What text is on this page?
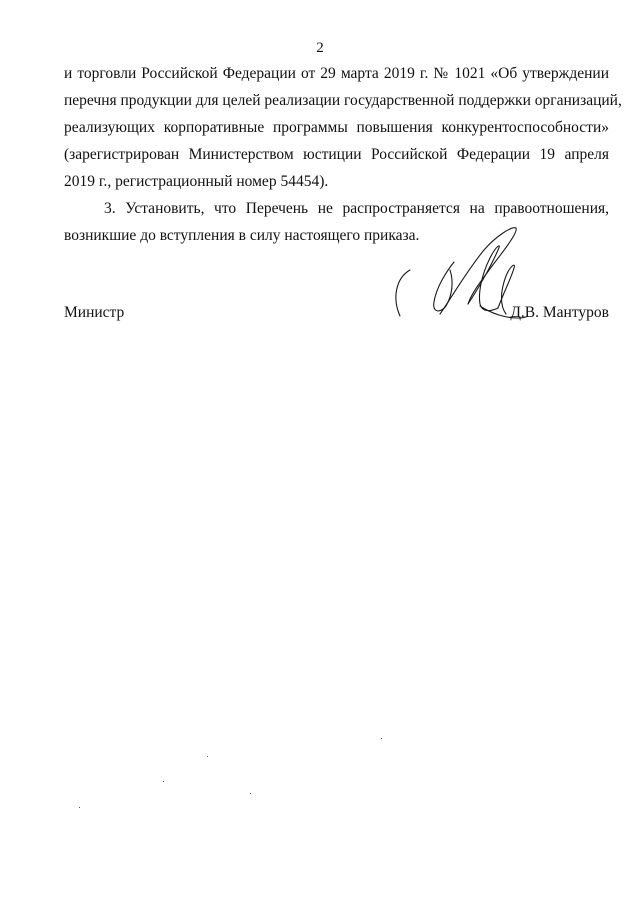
2
и торговли Российской Федерации от 29 марта 2019 г. № 1021 «Об утверждении
перечня продукции для целей реализации государственной поддержки организаций,
реализующих корпоративные программы повышения конкурентоспособности»
(зарегистрирован Министерством юстиции Российской Федерации 19 апреля
2019 г., регистрационный номер 54454).
3. Установить, что Перечень не распространяется на правоотношения,
возникшие до вступления в силу настоящего приказа.
Министр	Д.В. Мантуров
